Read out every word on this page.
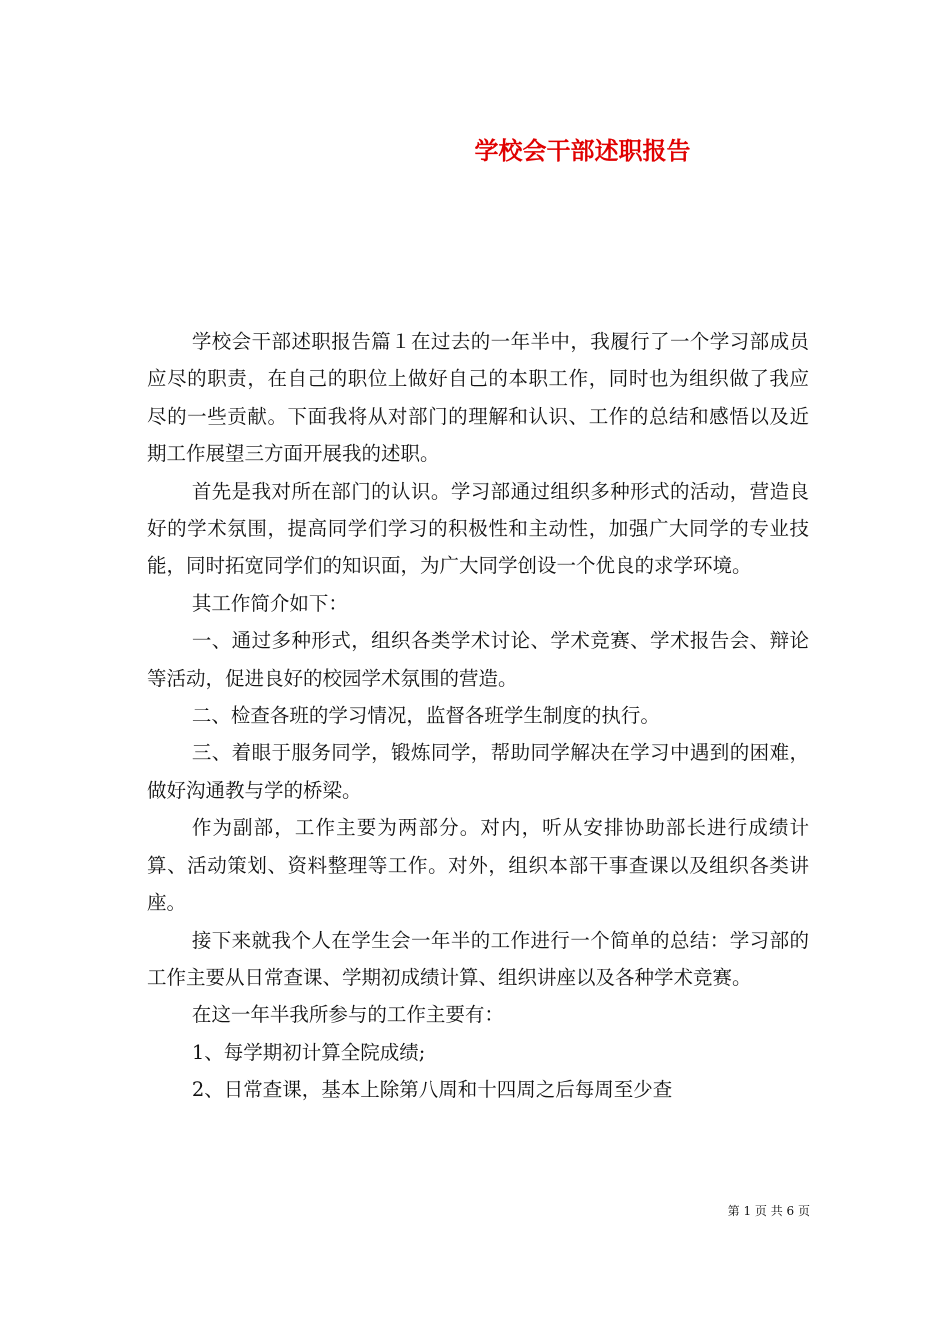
学校会干部述职报告

学校会干部述职报告篇１在过去的一年半中，我履行了一个学习部成员应尽的职责，在自己的职位上做好自己的本职工作，同时也为组织做了我应尽的一些贡献。下面我将从对部门的理解和认识、工作的总结和感悟以及近期工作展望三方面开展我的述职。

首先是我对所在部门的认识。学习部通过组织多种形式的活动，营造良好的学术氛围，提高同学们学习的积极性和主动性，加强广大同学的专业技能，同时拓宽同学们的知识面，为广大同学创设一个优良的求学环境。

其工作简介如下：

一、通过多种形式，组织各类学术讨论、学术竞赛、学术报告会、辩论等活动，促进良好的校园学术氛围的营造。

二、检查各班的学习情况，监督各班学生制度的执行。

三、着眼于服务同学，锻炼同学，帮助同学解决在学习中遇到的困难，做好沟通教与学的桥梁。

作为副部，工作主要为两部分。对内，听从安排协助部长进行成绩计算、活动策划、资料整理等工作。对外，组织本部干事查课以及组织各类讲座。

接下来就我个人在学生会一年半的工作进行一个简单的总结：学习部的工作主要从日常查课、学期初成绩计算、组织讲座以及各种学术竞赛。

在这一年半我所参与的工作主要有：

1、每学期初计算全院成绩;

2、日常查课，基本上除第八周和十四周之后每周至少查

第 1 页 共 6 页
